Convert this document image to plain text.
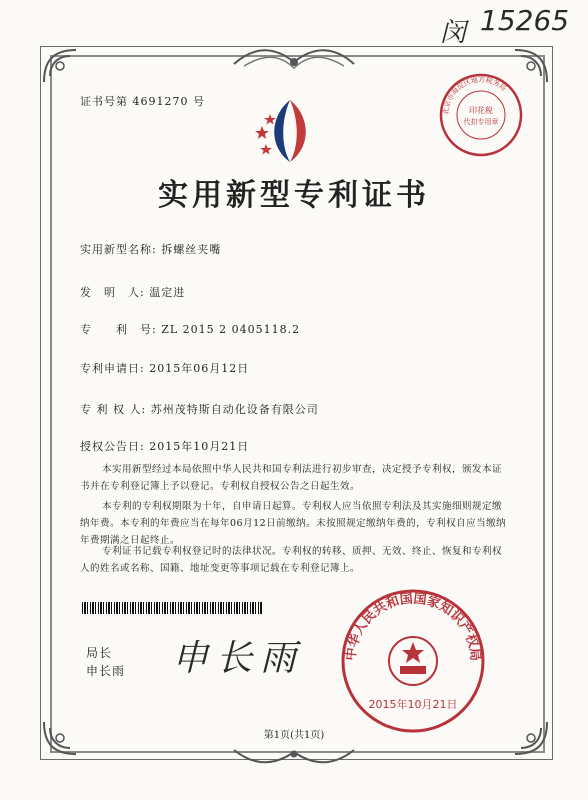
闵 15265
证书号第 4691270 号
北京市海淀区地方税务局
印花税
代扣专用章
实用新型专利证书
实用新型名称: 拆螺丝夹嘴
发　明　人: 温定进
专　　利　号: ZL 2015 2 0405118.2
专利申请日: 2015年06月12日
专 利 权 人: 苏州茂特斯自动化设备有限公司
授权公告日: 2015年10月21日
本实用新型经过本局依照中华人民共和国专利法进行初步审查，决定授予专利权，颁发本证书并在专利登记簿上予以登记。专利权自授权公告之日起生效。
本专利的专利权期限为十年，自申请日起算。专利权人应当依照专利法及其实施细则规定缴纳年费。本专利的年费应当在每年06月12日前缴纳。未按照规定缴纳年费的，专利权自应当缴纳年费期满之日起终止。
专利证书记载专利权登记时的法律状况。专利权的转移、质押、无效、终止、恢复和专利权人的姓名或名称、国籍、地址变更等事项记载在专利登记簿上。
局长
申长雨 申长雨	中华人民共和国国家知识产权局
2015年10月21日
第1页(共1页)
